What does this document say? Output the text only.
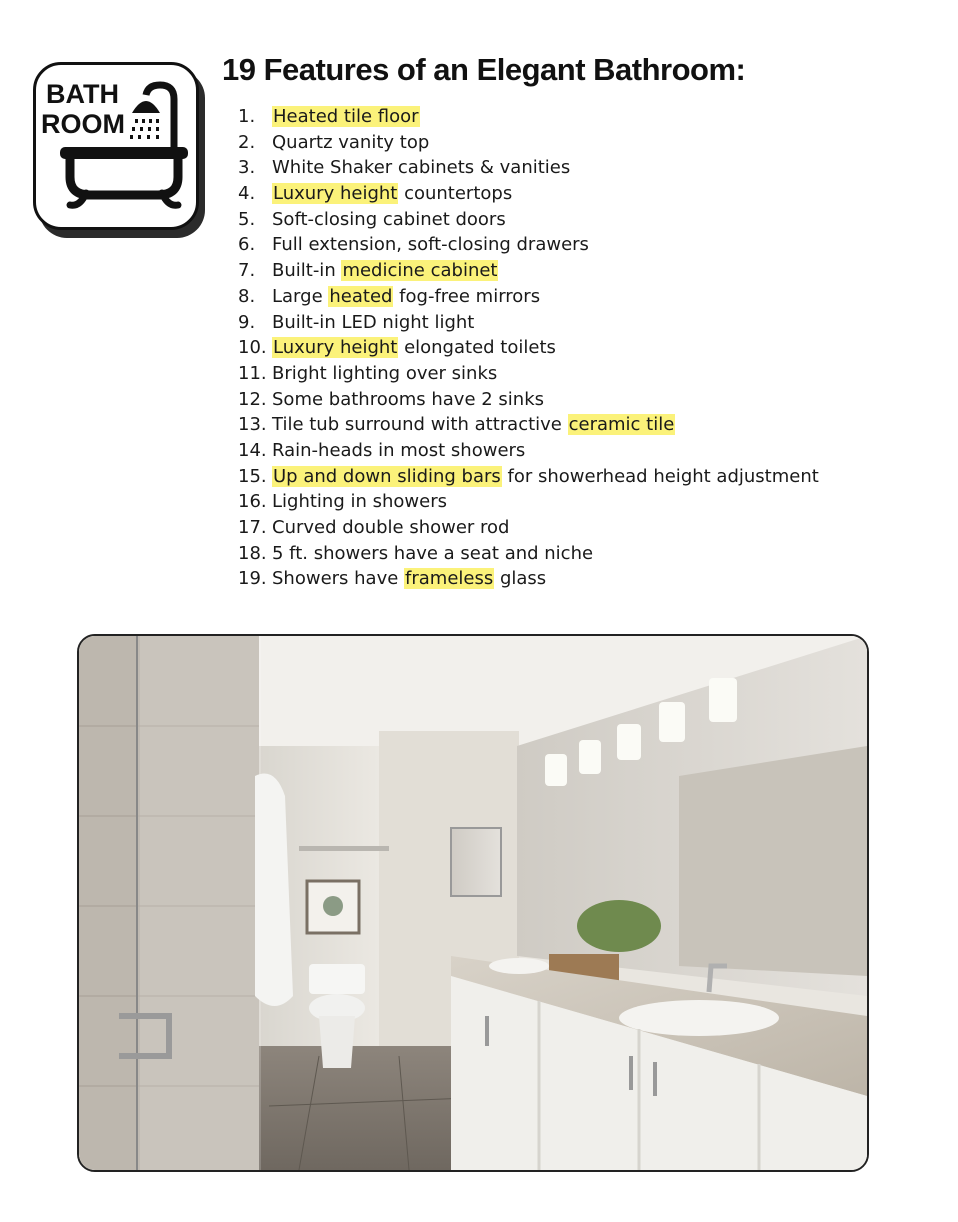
BATH
ROOM
19 Features of an Elegant Bathroom:
1. Heated tile floor
2. Quartz vanity top
3. White Shaker cabinets & vanities
4. Luxury height countertops
5. Soft-closing cabinet doors
6. Full extension, soft-closing drawers
7. Built-in medicine cabinet
8. Large heated fog-free mirrors
9. Built-in LED night light
10. Luxury height elongated toilets
11. Bright lighting over sinks
12. Some bathrooms have 2 sinks
13. Tile tub surround with attractive ceramic tile
14. Rain-heads in most showers
15. Up and down sliding bars for showerhead height adjustment
16. Lighting in showers
17. Curved double shower rod
18. 5 ft. showers have a seat and niche
19. Showers have frameless glass
